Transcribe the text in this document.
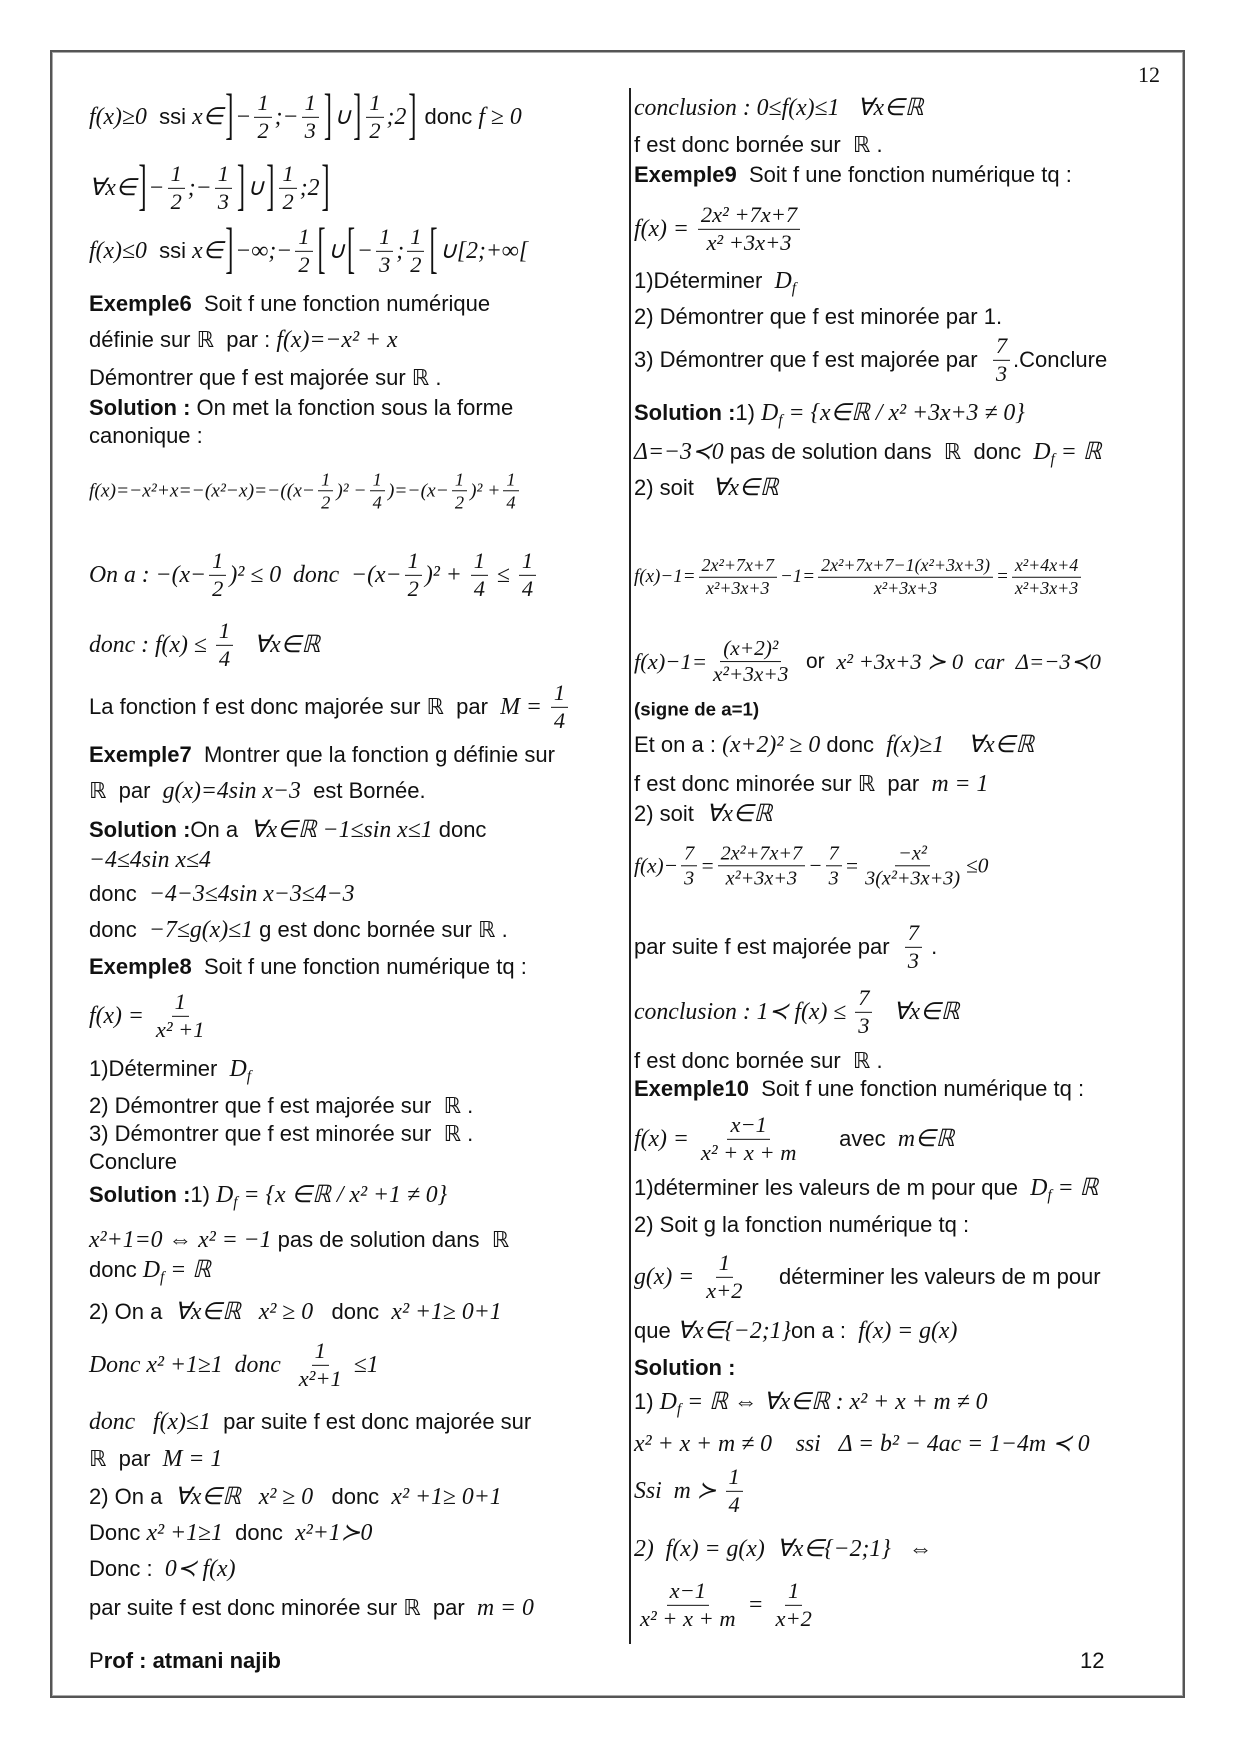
12
f(x)≥0 ssi x∈ ] − $\frac{1}{2}$ ;− $\frac{1}{3}$ ] ∪ ] $\frac{1}{2}$ ;2 ] donc f ≥ 0
∀x∈ ] − $\frac{1}{2}$ ;− $\frac{1}{3}$ ] ∪ ] $\frac{1}{2}$ ;2 ]
f(x)≤0 ssi x∈ ] −∞;− $\frac{1}{2}$ [ ∪ [ − $\frac{1}{3}$ ; $\frac{1}{2}$ [ ∪[2;+∞[
Exemple6 Soit f une fonction numérique
définie sur ℝ  par : f(x)=−x² + x
Démontrer que f est majorée sur ℝ .
Solution : On met la fonction sous la forme
canonique :
$f(x)=-x^2+x=-(x^2-x)=-((x- \frac{1}{2} )^2 - \frac{1}{4} )=-(x- \frac{1}{2} )^2 + \frac{1}{4}$
On a : $-(x- \frac{1}{2} )^2 \le 0$  donc  $-(x- \frac{1}{2} )^2 + \frac{1}{4} \le \frac{1}{4}$
donc : $f(x) \le \frac{1}{4}$ ∀x∈ℝ
La fonction f est donc majorée sur ℝ  par $M = \frac{1}{4}$
Exemple7 Montrer que la fonction g définie sur
ℝ  par g(x)=4sin x−3 est Bornée.
Solution : On a ∀x∈ℝ −1≤sin x≤1 donc
−4≤4sin x≤4
donc −4−3≤4sin x−3≤4−3
donc −7≤g(x)≤1 g est donc bornée sur ℝ .
Exemple8 Soit f une fonction numérique tq :
$f(x) = \frac{1}{\text{x² +1}}$
1)Déterminer D f
2) Démontrer que f est majorée sur  ℝ .
3) Démontrer que f est minorée sur  ℝ .
Conclure
Solution : 1) D f = {x ∈ℝ / x² +1 ≠ 0}
x²+1=0 ⇔ x² = −1 pas de solution dans  ℝ
donc D f = ℝ
2) On a ∀x∈ℝ   x² ≥ 0 donc x² +1≥ 0+1
Donc x² +1≥1  donc $\frac{1}{\text{x²+1}} \le 1$
donc   f(x)≤1 par suite f est donc majorée sur
ℝ  par M = 1
2) On a ∀x∈ℝ   x² ≥ 0 donc x² +1≥ 0+1
Donc x² +1≥1 donc x²+1≻0
Donc : 0≺ f(x)
par suite f est donc minorée sur ℝ  par m = 0
conclusion : 0≤f(x)≤1   ∀x∈ℝ
f est donc bornée sur  ℝ .
Exemple9 Soit f une fonction numérique tq :
$f(x) = \frac{\text{2x² +7x+7}}{\text{x² +3x+3}}$
1)Déterminer D f
2) Démontrer que f est minorée par 1.
3) Démontrer que f est majorée par $\frac{7}{3}$ .Conclure
Solution : 1) D f = {x∈ℝ / x² +3x+3 ≠ 0}
Δ=−3≺0 pas de solution dans  ℝ  donc D f = ℝ
2) soit ∀x∈ℝ
$f(x)-1= \frac{\text{2x²+7x+7}}{\text{x²+3x+3}} -1= \frac{\text{2x²+7x+7−1(x²+3x+3)}}{\text{x²+3x+3}} = \frac{\text{x²+4x+4}}{\text{x²+3x+3}}$
$f(x)-1= \frac{\text{(x+2)²}}{\text{x²+3x+3}}$ or x² +3x+3 ≻ 0  car  Δ=−3≺0
(signe de a=1)
Et on a : (x+2)² ≥ 0 donc f(x)≥1    ∀x∈ℝ
f est donc minorée sur ℝ  par m = 1
2) soit ∀x∈ℝ
$f(x)- \frac{7}{3} = \frac{\text{2x²+7x+7}}{\text{x²+3x+3}} - \frac{7}{3} = \frac{\text{−x²}}{\text{3(x²+3x+3)}} \le 0$
par suite f est majorée par $\frac{7}{3}$ .
conclusion : 1≺ $f(x) \le \frac{7}{3}$ ∀x∈ℝ
f est donc bornée sur  ℝ .
Exemple10 Soit f une fonction numérique tq :
$f(x) = \frac{x-1}{\text{x² + x + m}}$ avec m∈ℝ
1)déterminer les valeurs de m pour que D f = ℝ
2) Soit g la fonction numérique tq :
$g(x) = \frac{1}{x+2}$ déterminer les valeurs de m pour
que ∀x∈{−2;1} on a : f(x) = g(x)
Solution :
1) D f = ℝ ⇔ ∀x∈ℝ : x² + x + m ≠ 0
x² + x + m ≠ 0    ssi   Δ = b² − 4ac = 1−4m ≺ 0
Ssi  m ≻ $\frac{1}{4}$
2)  f(x) = g(x)  ∀x∈{−2;1}   ⇔
$\frac{x-1}{\text{x² + x + m}} = \frac{1}{x+2}$
Prof : atmani najib	12
